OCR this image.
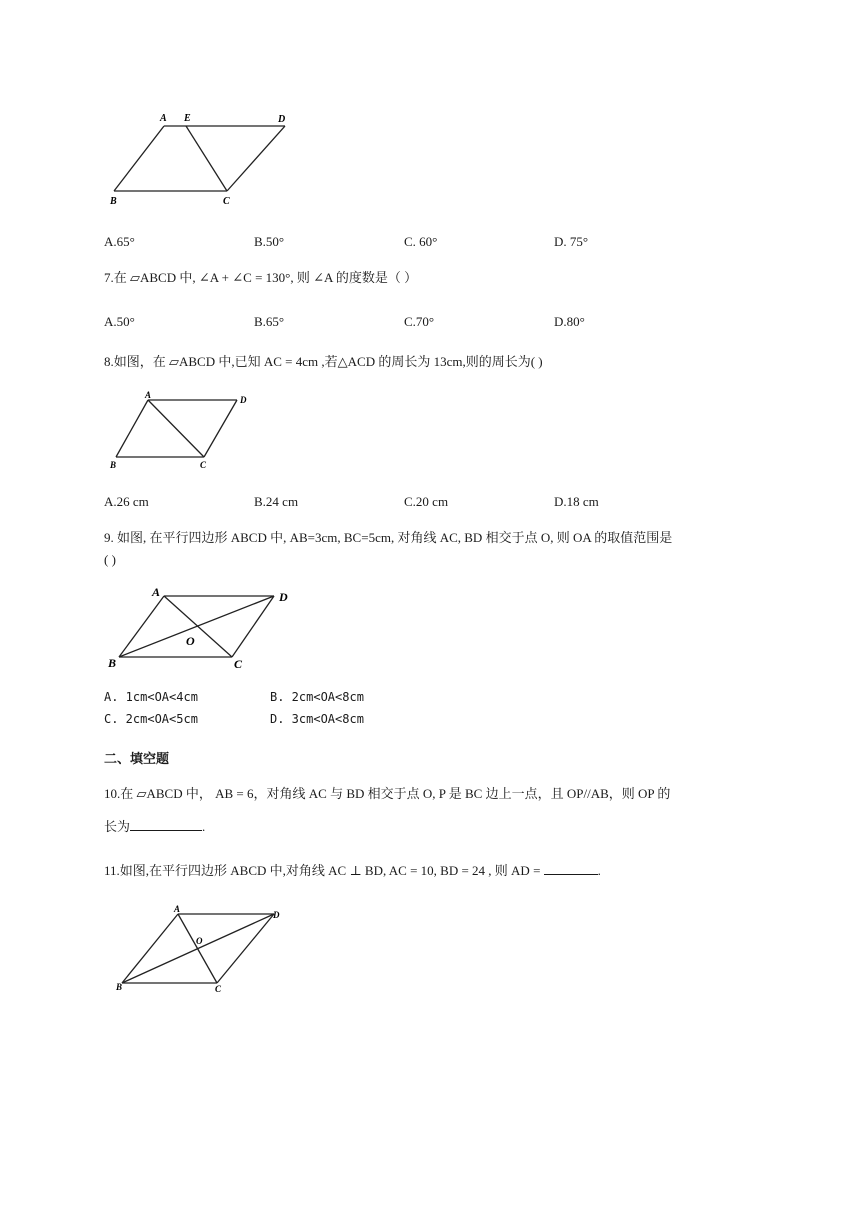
A E	D
B	C
A.65°	B.50°	C. 60°	D. 75°
7.在 ▱ABCD 中, ∠A + ∠C = 130°, 则 ∠A 的度数是（ ）
A.50°	B.65°	C.70°	D.80°
8.如图，在 ▱ABCD 中,已知 AC = 4cm ,若△ACD 的周长为 13cm,则的周长为( )
A	D
B	C
A.26 cm	B.24 cm	C.20 cm	D.18 cm
9. 如图, 在平行四边形 ABCD 中, AB=3cm, BC=5cm, 对角线 AC, BD 相交于点 O, 则 OA 的取值范围是
( )
A	D
O
B	C
A. 1cm<OA<4cm	B. 2cm<OA<8cm
C. 2cm<OA<5cm	D. 3cm<OA<8cm
二、填空题
10.在 ▱ABCD 中， AB = 6，对角线 AC 与 BD 相交于点 O, P 是 BC 边上一点，且 OP//AB，则 OP 的
长为	.
11.如图,在平行四边形 ABCD 中,对角线 AC ⊥ BD, AC = 10, BD = 24 , 则 AD =	.
A
D
O
B	C
